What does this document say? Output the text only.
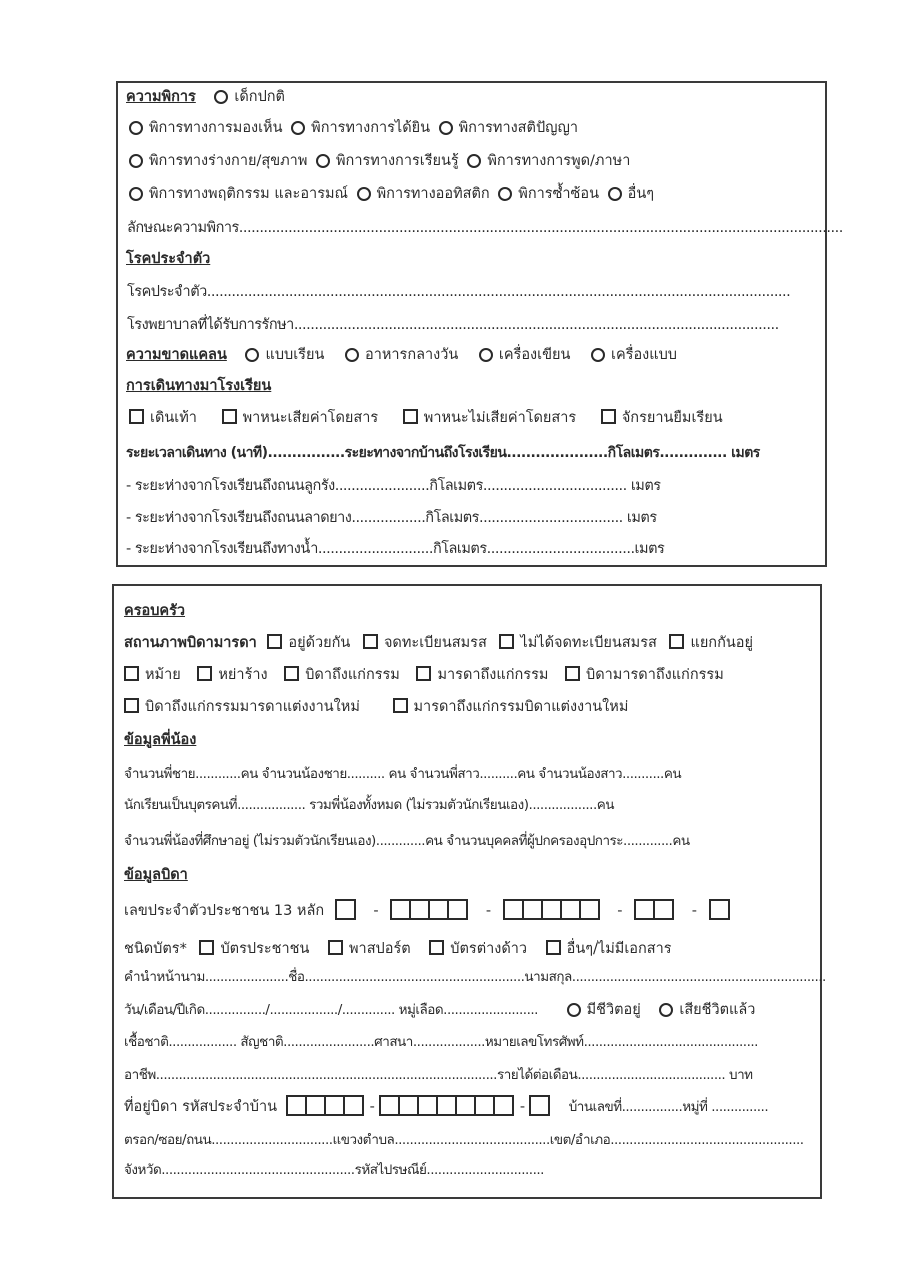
ความพิการ	เด็กปกติ
พิการทางการมองเห็น พิการทางการได้ยิน พิการทางสติปัญญา
พิการทางร่างกาย/สุขภาพ พิการทางการเรียนรู้ พิการทางการพูด/ภาษา
พิการทางพฤติกรรม และอารมณ์ พิการทางออทิสติก พิการซ้ำซ้อน อื่นๆ
ลักษณะความพิการ...................................................................................................................................................
โรคประจำตัว
โรคประจำตัว..............................................................................................................................................
โรงพยาบาลที่ได้รับการรักษา......................................................................................................................
ความขาดแคลน	แบบเรียน	อาหารกลางวัน	เครื่องเขียน	เครื่องแบบ
การเดินทางมาโรงเรียน
เดินเท้า	พาหนะเสียค่าโดยสาร	พาหนะไม่เสียค่าโดยสาร	จักรยานยืมเรียน
ระยะเวลาเดินทาง (นาที)................ระยะทางจากบ้านถึงโรงเรียน.....................กิโลเมตร.............. เมตร
- ระยะห่างจากโรงเรียนถึงถนนลูกรัง.......................กิโลเมตร................................... เมตร
- ระยะห่างจากโรงเรียนถึงถนนลาดยาง..................กิโลเมตร................................... เมตร
- ระยะห่างจากโรงเรียนถึงทางน้ำ............................กิโลเมตร....................................เมตร
ครอบครัว
สถานภาพบิดามารดา อยู่ด้วยกัน จดทะเบียนสมรส ไม่ได้จดทะเบียนสมรส แยกกันอยู่
หม้าย	หย่าร้าง	บิดาถึงแก่กรรม	มารดาถึงแก่กรรม	บิดามารดาถึงแก่กรรม
บิดาถึงแก่กรรมมารดาแต่งงานใหม่	มารดาถึงแก่กรรมบิดาแต่งงานใหม่
ข้อมูลพี่น้อง
จำนวนพี่ชาย............คน จำนวนน้องชาย.......... คน จำนวนพี่สาว..........คน จำนวนน้องสาว...........คน
นักเรียนเป็นบุตรคนที่.................. รวมพี่น้องทั้งหมด (ไม่รวมตัวนักเรียนเอง)..................คน
จำนวนพี่น้องที่ศึกษาอยู่ (ไม่รวมตัวนักเรียนเอง).............คน จำนวนบุคคลที่ผู้ปกครองอุปการะ.............คน
ข้อมูลบิดา
เลขประจำตัวประชาชน 13 หลัก	-	-	-	-
ชนิดบัตร* บัตรประชาชน	พาสปอร์ต	บัตรต่างด้าว	อื่นๆ/ไม่มีเอกสาร
คำนำหน้านาม......................ชื่อ..........................................................นามสกุล...................................................................
วัน/เดือน/ปีเกิด................/................../.............. หมู่เลือด.........................	มีชีวิตอยู่	เสียชีวิตแล้ว
เชื้อชาติ.................. สัญชาติ........................ศาสนา...................หมายเลขโทรศัพท์..............................................
อาชีพ..........................................................................................รายได้ต่อเดือน....................................... บาท
ที่อยู่บิดา รหัสประจำบ้าน	-	-	บ้านเลขที่................หมู่ที่ ...............
ตรอก/ซอย/ถนน................................แขวงตำบล.........................................เขต/อำเภอ...................................................
จังหวัด...................................................รหัสไปรษณีย์...............................
